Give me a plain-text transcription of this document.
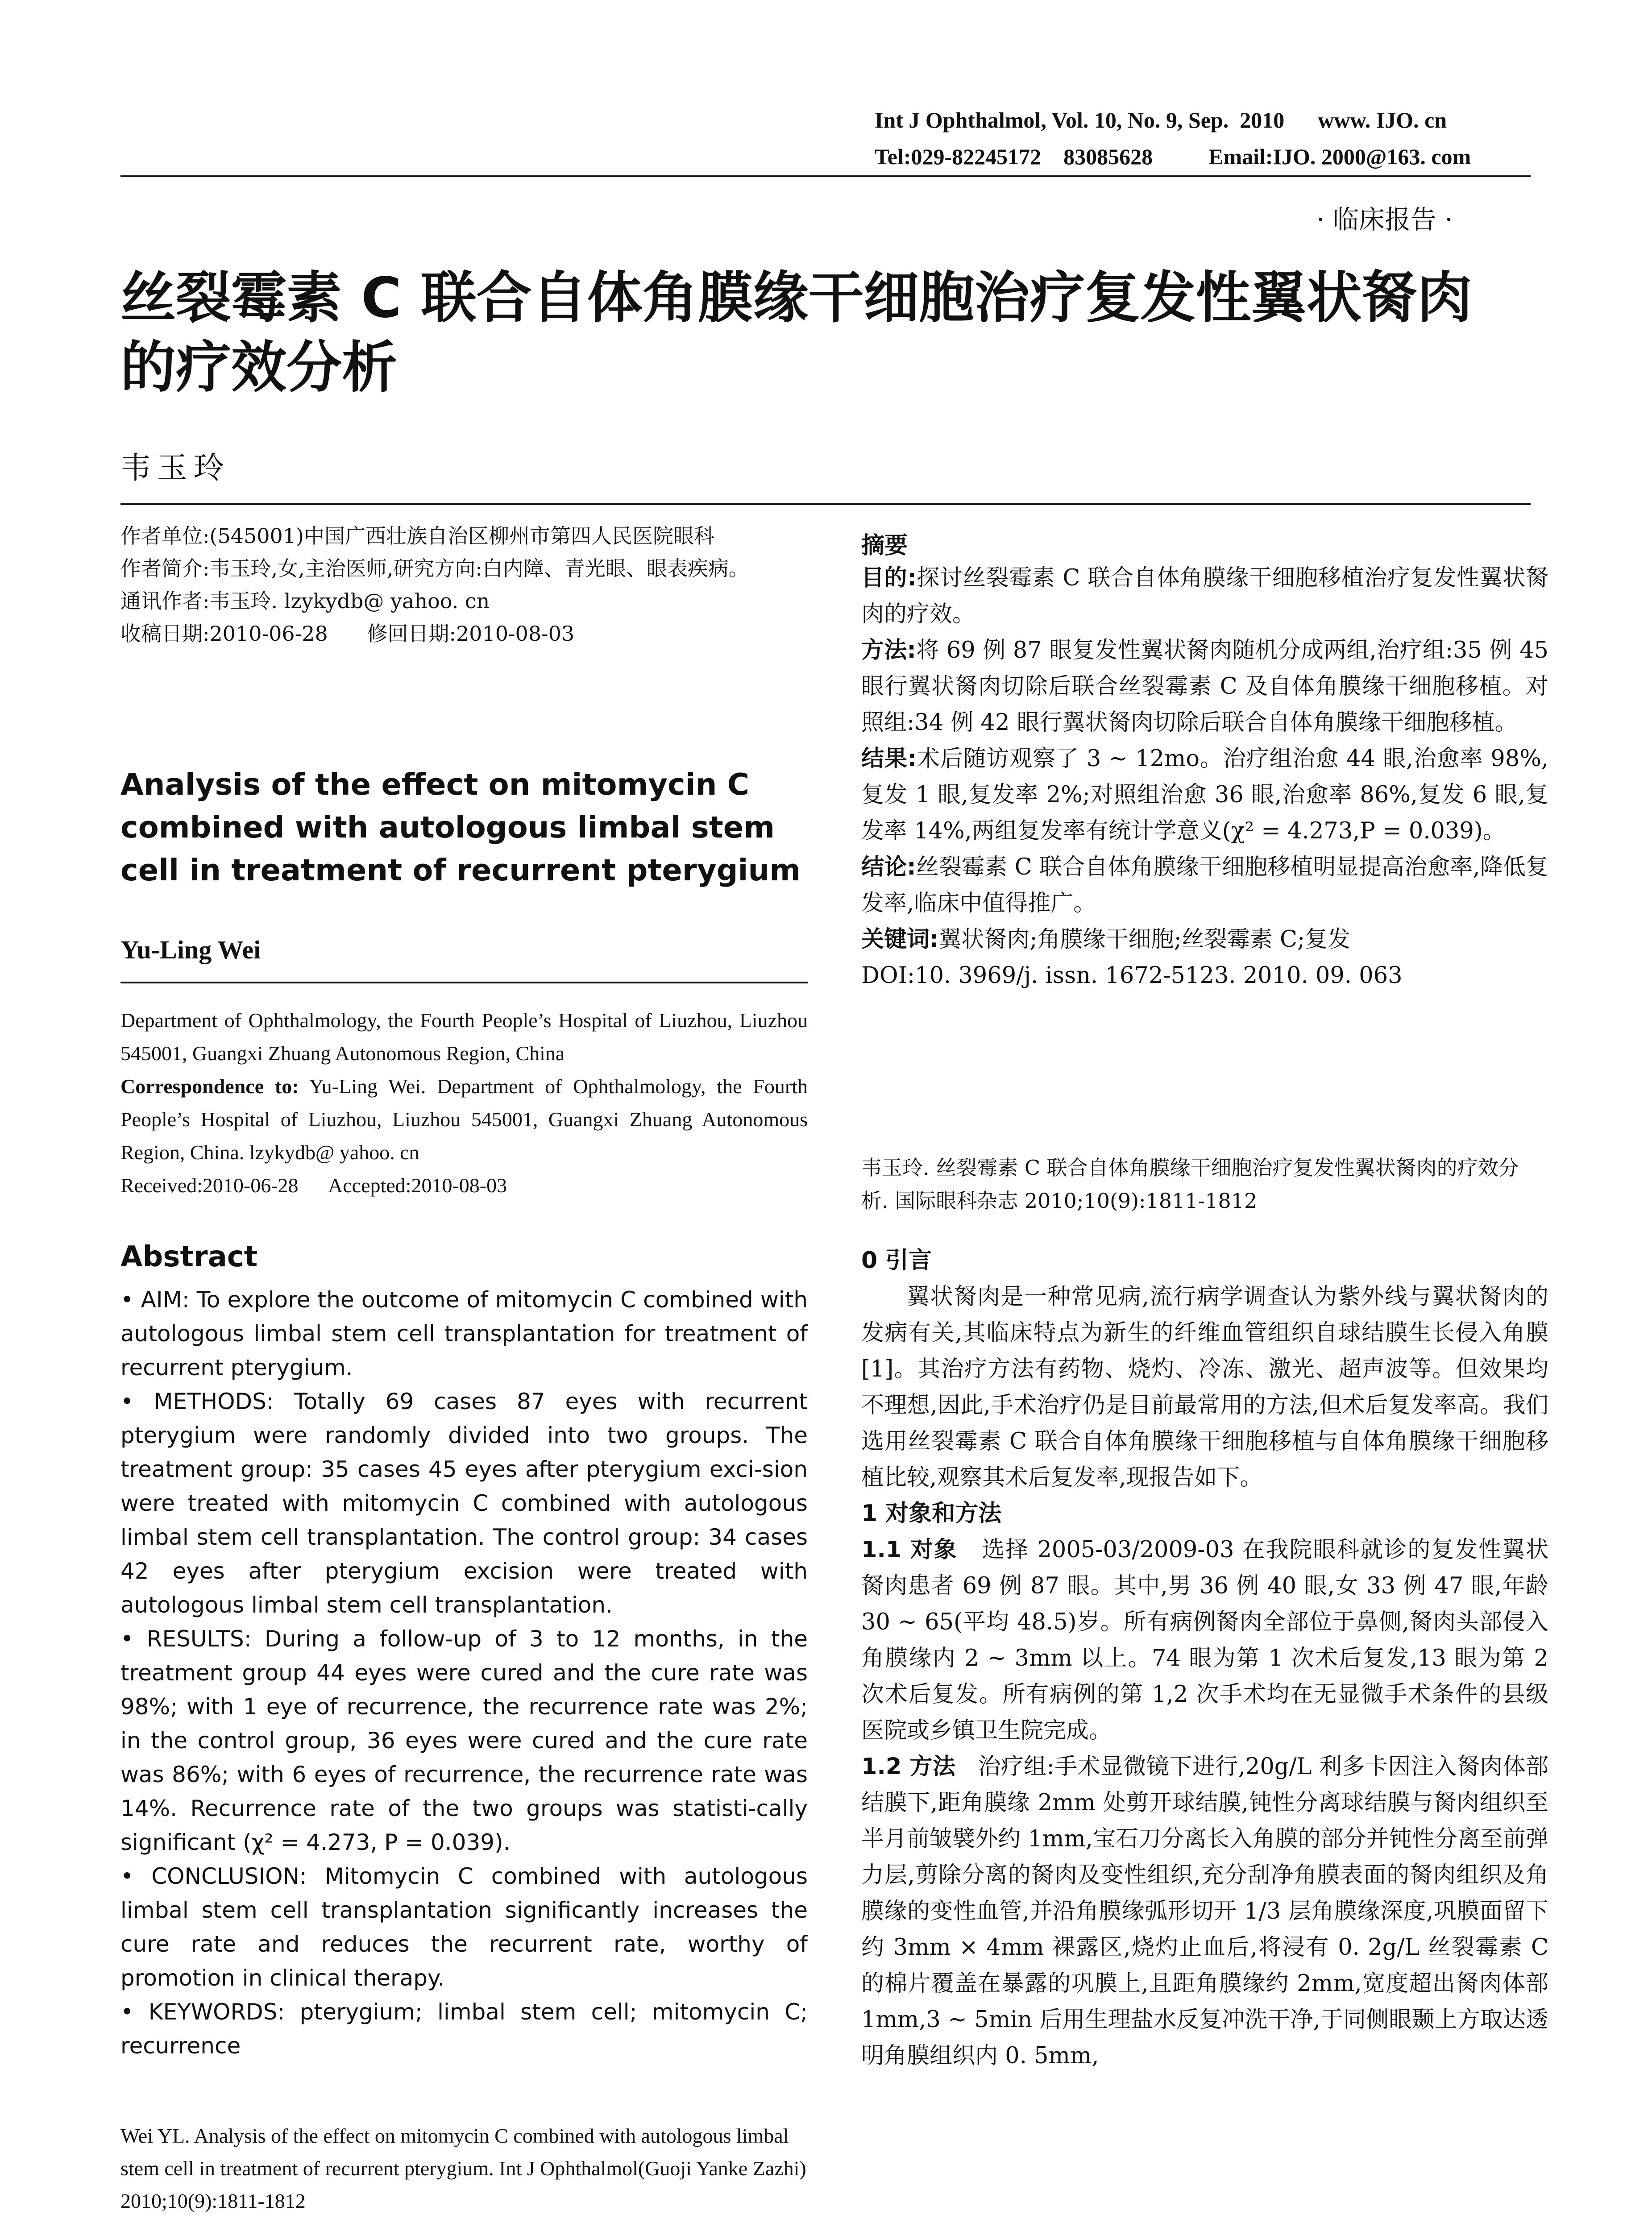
Int J Ophthalmol, Vol. 10, No. 9, Sep.  2010      www. IJO. cn
Tel:029-82245172    83085628          Email:IJO. 2000@163. com
· 临床报告 ·
丝裂霉素 C 联合自体角膜缘干细胞治疗复发性翼状胬肉
的疗效分析
韦玉玲
作者单位:(545001)中国广西壮族自治区柳州市第四人民医院眼科
作者简介:韦玉玲,女,主治医师,研究方向:白内障、青光眼、眼表疾病。
通讯作者:韦玉玲. lzykydb@ yahoo. cn
收稿日期:2010-06-28      修回日期:2010-08-03
Analysis of the effect on mitomycin C combined with autologous limbal stem cell in treatment of recurrent pterygium
Yu-Ling Wei
Department of Ophthalmology, the Fourth People’s Hospital of Liuzhou, Liuzhou 545001, Guangxi Zhuang Autonomous Region, China
Correspondence to: Yu-Ling Wei. Department of Ophthalmology, the Fourth People’s Hospital of Liuzhou, Liuzhou 545001, Guangxi Zhuang Autonomous Region, China. lzykydb@ yahoo. cn
Received:2010-06-28      Accepted:2010-08-03
Abstract

• AIM: To explore the outcome of mitomycin C combined with autologous limbal stem cell transplantation for treatment of recurrent pterygium.

• METHODS: Totally 69 cases 87 eyes with recurrent pterygium were randomly divided into two groups. The treatment group: 35 cases 45 eyes after pterygium exci-sion were treated with mitomycin C combined with autologous limbal stem cell transplantation. The control group: 34 cases 42 eyes after pterygium excision were treated with autologous limbal stem cell transplantation.

• RESULTS: During a follow-up of 3 to 12 months, in the treatment group 44 eyes were cured and the cure rate was 98%; with 1 eye of recurrence, the recurrence rate was 2%; in the control group, 36 eyes were cured and the cure rate was 86%; with 6 eyes of recurrence, the recurrence rate was 14%. Recurrence rate of the two groups was statisti-cally significant (χ² = 4.273, P = 0.039).

• CONCLUSION: Mitomycin C combined with autologous limbal stem cell transplantation significantly increases the cure rate and reduces the recurrent rate, worthy of promotion in clinical therapy.

• KEYWORDS: pterygium; limbal stem cell; mitomycin C; recurrence

Wei YL. Analysis of the effect on mitomycin C combined with autologous limbal stem cell in treatment of recurrent pterygium. Int J Ophthalmol(Guoji Yanke Zazhi) 2010;10(9):1811-1812
摘要

目的:探讨丝裂霉素 C 联合自体角膜缘干细胞移植治疗复发性翼状胬肉的疗效。

方法:将 69 例 87 眼复发性翼状胬肉随机分成两组,治疗组:35 例 45 眼行翼状胬肉切除后联合丝裂霉素 C 及自体角膜缘干细胞移植。对照组:34 例 42 眼行翼状胬肉切除后联合自体角膜缘干细胞移植。

结果:术后随访观察了 3 ~ 12mo。治疗组治愈 44 眼,治愈率 98%,复发 1 眼,复发率 2%;对照组治愈 36 眼,治愈率 86%,复发 6 眼,复发率 14%,两组复发率有统计学意义(χ² = 4.273,P = 0.039)。

结论:丝裂霉素 C 联合自体角膜缘干细胞移植明显提高治愈率,降低复发率,临床中值得推广。

关键词:翼状胬肉;角膜缘干细胞;丝裂霉素 C;复发

DOI:10. 3969/j. issn. 1672-5123. 2010. 09. 063

韦玉玲. 丝裂霉素 C 联合自体角膜缘干细胞治疗复发性翼状胬肉的疗效分析. 国际眼科杂志 2010;10(9):1811-1812
0 引言

翼状胬肉是一种常见病,流行病学调查认为紫外线与翼状胬肉的发病有关,其临床特点为新生的纤维血管组织自球结膜生长侵入角膜[1]。其治疗方法有药物、烧灼、冷冻、激光、超声波等。但效果均不理想,因此,手术治疗仍是目前最常用的方法,但术后复发率高。我们选用丝裂霉素 C 联合自体角膜缘干细胞移植与自体角膜缘干细胞移植比较,观察其术后复发率,现报告如下。

1 对象和方法

1.1 对象 选择 2005-03/2009-03 在我院眼科就诊的复发性翼状胬肉患者 69 例 87 眼。其中,男 36 例 40 眼,女 33 例 47 眼,年龄 30 ~ 65(平均 48.5)岁。所有病例胬肉全部位于鼻侧,胬肉头部侵入角膜缘内 2 ~ 3mm 以上。74 眼为第 1 次术后复发,13 眼为第 2 次术后复发。所有病例的第 1,2 次手术均在无显微手术条件的县级医院或乡镇卫生院完成。

1.2 方法 治疗组:手术显微镜下进行,20g/L 利多卡因注入胬肉体部结膜下,距角膜缘 2mm 处剪开球结膜,钝性分离球结膜与胬肉组织至半月前皱襞外约 1mm,宝石刀分离长入角膜的部分并钝性分离至前弹力层,剪除分离的胬肉及变性组织,充分刮净角膜表面的胬肉组织及角膜缘的变性血管,并沿角膜缘弧形切开 1/3 层角膜缘深度,巩膜面留下约 3mm × 4mm 裸露区,烧灼止血后,将浸有 0. 2g/L 丝裂霉素 C 的棉片覆盖在暴露的巩膜上,且距角膜缘约 2mm,宽度超出胬肉体部 1mm,3 ~ 5min 后用生理盐水反复冲洗干净,于同侧眼颞上方取达透明角膜组织内 0. 5mm,
